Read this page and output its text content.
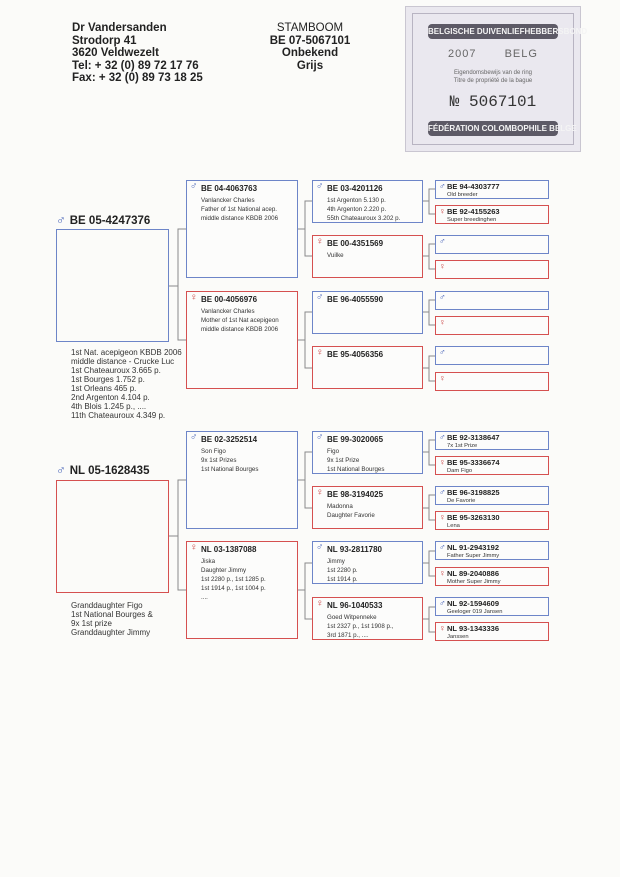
Dr Vandersanden
Strodorp 41
3620 Veldwezelt
Tel: + 32 (0) 89 72 17 76
Fax: + 32 (0) 89 73 18 25
STAMBOOM
BE 07-5067101
Onbekend
Grijs
BELGISCHE DUIVENLIEFHEBBERSBOND
2007	BELG
Eigendomsbewijs van de ring
Titre de propriété de la bague
№ 5067101
FÉDÉRATION COLOMBOPHILE BELGE
♂ BE 05-4247376
1st Nat. acepigeon KBDB 2006
middle distance - Crucke Luc
1st Chateauroux 3.665 p.
1st Bourges 1.752 p.
1st Orleans 465 p.
2nd Argenton 4.104 p.
4th Blois 1.245 p., ....
11th Chateauroux 4.349 p.
♂ NL 05-1628435
Granddaughter Figo
1st National Bourges &
9x 1st prize
Granddaughter Jimmy
♂ BE 04-4063763
Vanlancker Charles
Father of 1st National acep.
middle distance KBDB 2006
♀ BE 00-4056976
Vanlancker Charles
Mother of 1st Nat acepigeon
middle distance KBDB 2006
♂ BE 02-3252514
Son Figo
9x 1st Prizes
1st National Bourges
♀ NL 03-1387088
Jiska
Daughter Jimmy
1st 2280 p., 1st 1285 p.
1st 1914 p., 1st 1004 p.
....
♂ BE 03-4201126
1st Argenton 5.130 p.
4th Argenton 2.220 p.
55th Chateauroux 3.202 p.
♀ BE 00-4351569
Vuilke
♂ BE 96-4055590
♀ BE 95-4056356
♂ BE 99-3020065
Figo
9x 1st Prize
1st National Bourges
♀ BE 98-3194025
Madonna
Daughter Favorie
♂ NL 93-2811780
Jimmy
1st 2280 p.
1st 1914 p.
♀ NL 96-1040533
Goed Witpenneke
1st 2327 p., 1st 1908 p.,
3rd 1871 p., ....
♂ BE 94-4303777
Old breeder
♀ BE 92-4155263
Super breedinghen
♂
♀
♂
♀
♂
♀
♂ BE 92-3138647
7x 1st Prize
♀ BE 95-3336674
Dam Figo
♂ BE 96-3198825
De Favorie
♀ BE 95-3263130
Lena
♂ NL 91-2943192
Father Super Jimmy
♀ NL 89-2040886
Mother Super Jimmy
♂ NL 92-1594609
Geeloger 019 Jansen
♀ NL 93-1343336
Janssen
